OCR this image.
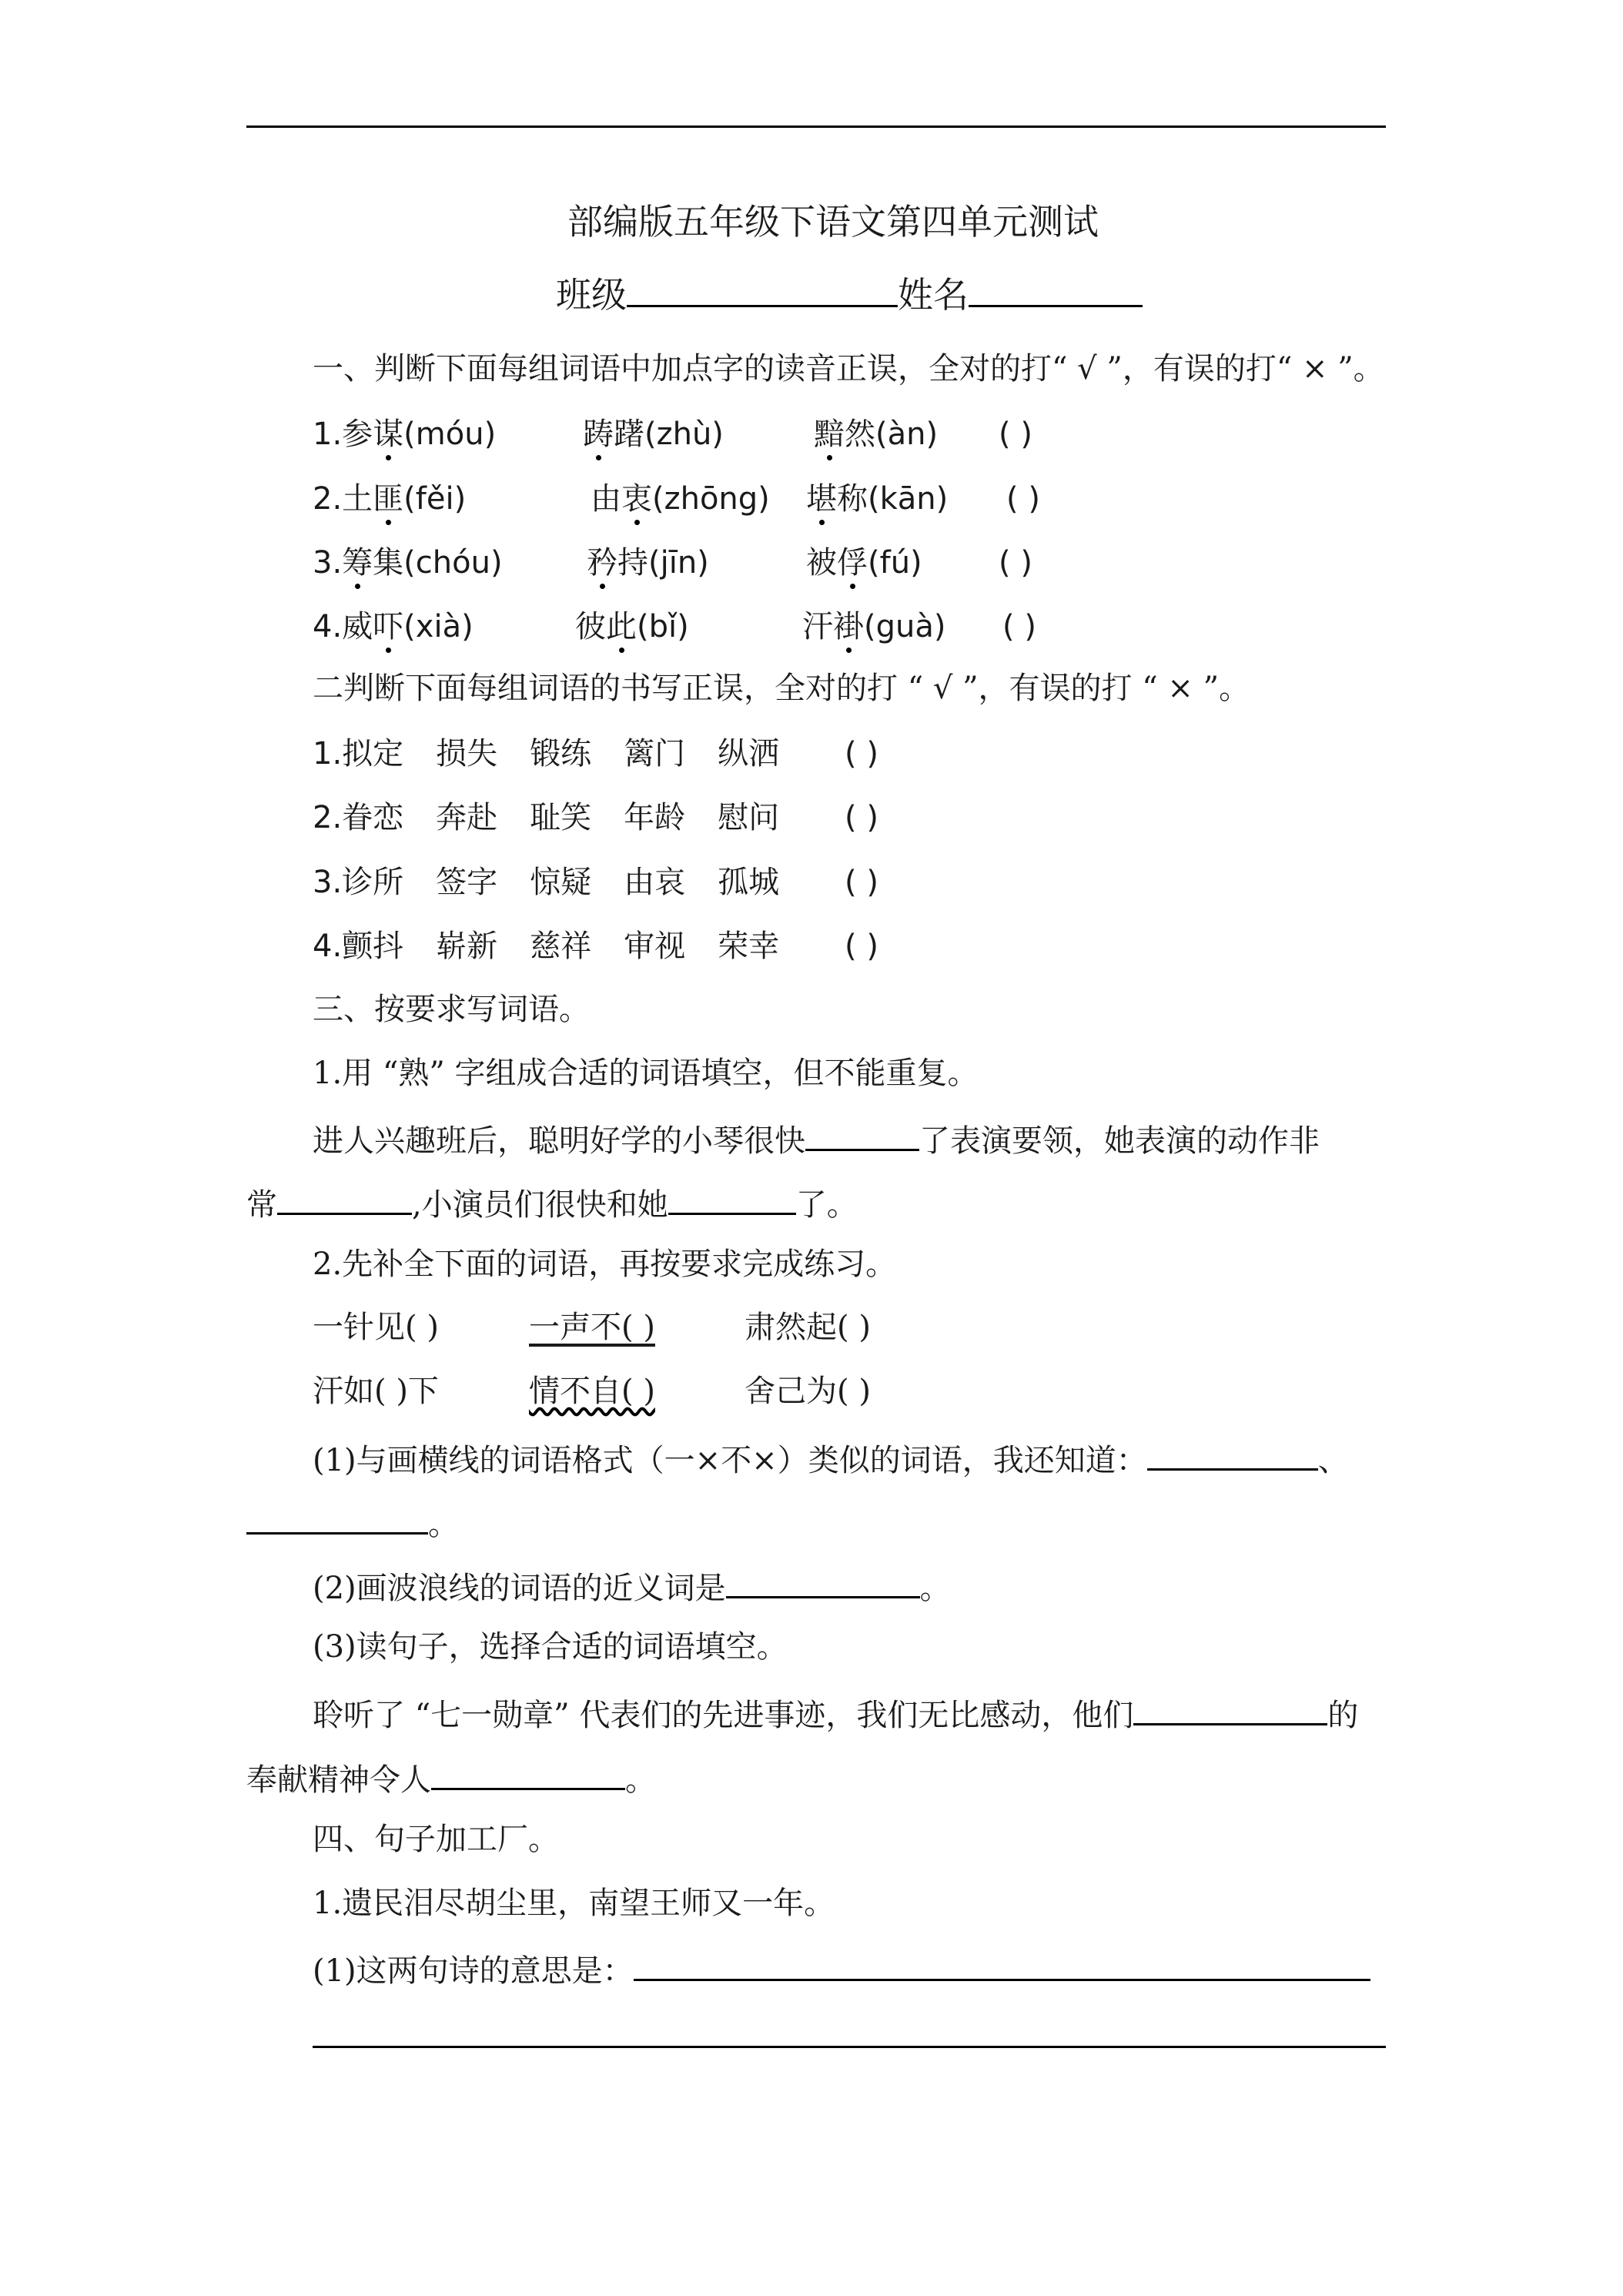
部编版五年级下语文第四单元测试
班级	姓名
一、判断下面每组词语中加点字的读音正误，全对的打“ √ ”，有误的打“ × ”。
1.参谋(móu)	踌躇(zhù)	黯然(àn) ( )
2.土匪(fěi)	由衷(zhōng) 堪称(kān) ( )
3.筹集(chóu)	矜持(jīn)	被俘(fú) ( )
4.威吓(xià)	彼此(bǐ)	汗褂(guà) ( )
二判断下面每组词语的书写正误，全对的打 “ √ ”，有误的打 “ × ”。
1.拟定 损失 锻练 篱门 纵洒 ( )
2.眷恋 奔赴 耻笑 年龄 慰问 ( )
3.诊所 签字 惊疑 由哀 孤城 ( )
4.颤抖 崭新 慈祥 审视 荣幸 ( )
三、按要求写词语。
1.用 “熟” 字组成合适的词语填空，但不能重复。
进人兴趣班后，聪明好学的小琴很快	了表演要领，她表演的动作非
常	,小演员们很快和她	了。
2.先补全下面的词语，再按要求完成练习。
一针见( )	一声不( )	肃然起( )
汗如( )下	情不自( )	舍己为( )
(1)与画横线的词语格式（一×不×）类似的词语，我还知道：	、
。
(2)画波浪线的词语的近义词是	。
(3)读句子，选择合适的词语填空。
聆听了 “七一勋章” 代表们的先进事迹，我们无比感动，他们	的
奉献精神令人	。
四、句子加工厂。
1.遗民泪尽胡尘里，南望王师又一年。
(1)这两句诗的意思是：
